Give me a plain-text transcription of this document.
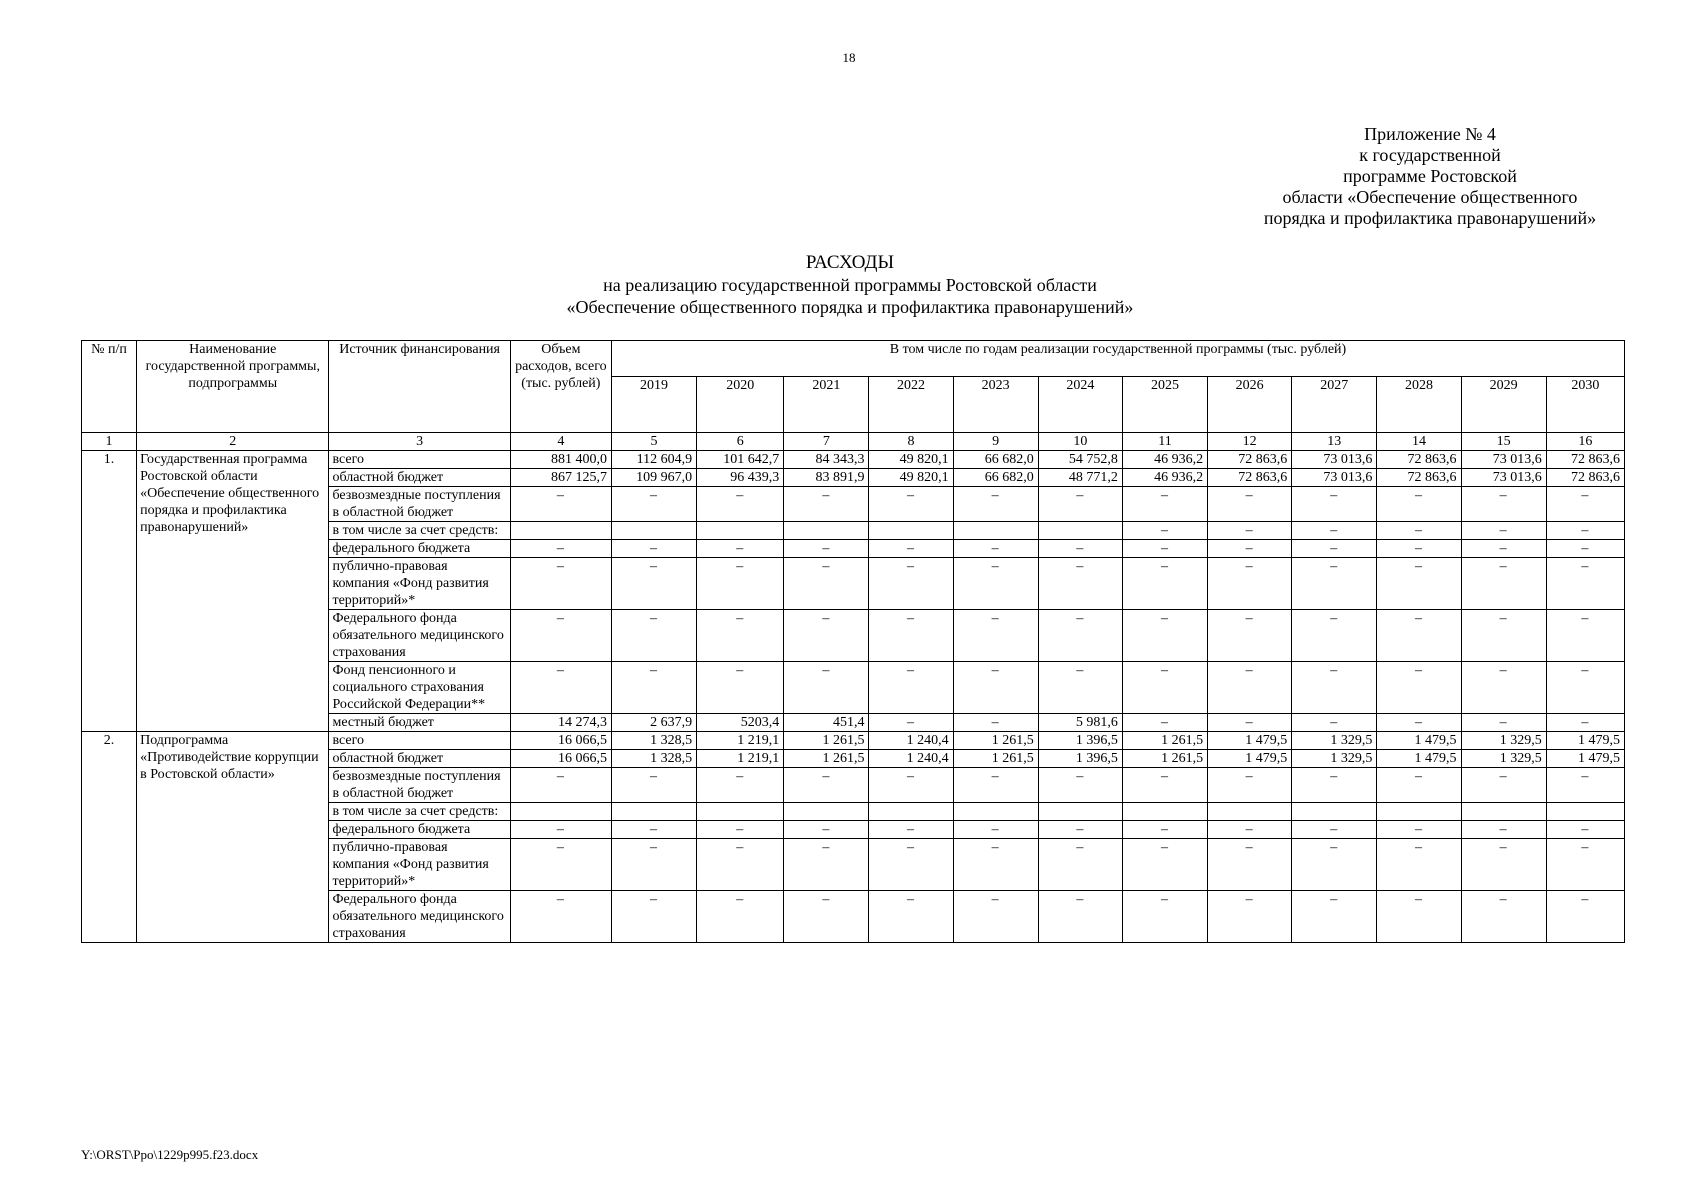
18
Приложение № 4
к государственной
программе Ростовской
области «Обеспечение общественного
порядка и профилактика правонарушений»
РАСХОДЫ
на реализацию государственной программы Ростовской области
«Обеспечение общественного порядка и профилактика правонарушений»
№ п/п	Наименование государственной программы, подпрограммы	Источник финансирования	Объем расходов, всего (тыс. рублей)	В том числе по годам реализации государственной программы (тыс. рублей)											
				2019	2020	2021	2022	2023	2024	2025	2026	2027	2028	2029	2030
1	2	3	4	5	6	7	8	9	10	11	12	13	14	15	16
1.	Государственная программа Ростовской области «Обеспечение общественного порядка и профилактика правонарушений»	всего	881 400,0	112 604,9	101 642,7	84 343,3	49 820,1	66 682,0	54 752,8	46 936,2	72 863,6	73 013,6	72 863,6	73 013,6	72 863,6
		областной бюджет	867 125,7	109 967,0	96 439,3	83 891,9	49 820,1	66 682,0	48 771,2	46 936,2	72 863,6	73 013,6	72 863,6	73 013,6	72 863,6
		безвозмездные поступления в областной бюджет	–	–	–	–	–	–	–	–	–	–	–	–	–
		в том числе за счет средств:								–	–	–	–	–	–
		федерального бюджета	–	–	–	–	–	–	–	–	–	–	–	–	–
		публично-правовая компания «Фонд развития территорий»*	–	–	–	–	–	–	–	–	–	–	–	–	–
		Федерального фонда обязательного медицинского страхования	–	–	–	–	–	–	–	–	–	–	–	–	–
		Фонд пенсионного и социального страхования Российской Федерации**	–	–	–	–	–	–	–	–	–	–	–	–	–
		местный бюджет	14 274,3	2 637,9	5203,4	451,4	–	–	5 981,6	–	–	–	–	–	–
2.	Подпрограмма «Противодействие коррупции в Ростовской области»	всего	16 066,5	1 328,5	1 219,1	1 261,5	1 240,4	1 261,5	1 396,5	1 261,5	1 479,5	1 329,5	1 479,5	1 329,5	1 479,5
		областной бюджет	16 066,5	1 328,5	1 219,1	1 261,5	1 240,4	1 261,5	1 396,5	1 261,5	1 479,5	1 329,5	1 479,5	1 329,5	1 479,5
		безвозмездные поступления в областной бюджет	–	–	–	–	–	–	–	–	–	–	–	–	–
		в том числе за счет средств:													
		федерального бюджета	–	–	–	–	–	–	–	–	–	–	–	–	–
		публично-правовая компания «Фонд развития территорий»*	–	–	–	–	–	–	–	–	–	–	–	–	–
		Федерального фонда обязательного медицинского страхования	–	–	–	–	–	–	–	–	–	–	–	–	–
Y:\ORST\Ppo\1229p995.f23.docx
